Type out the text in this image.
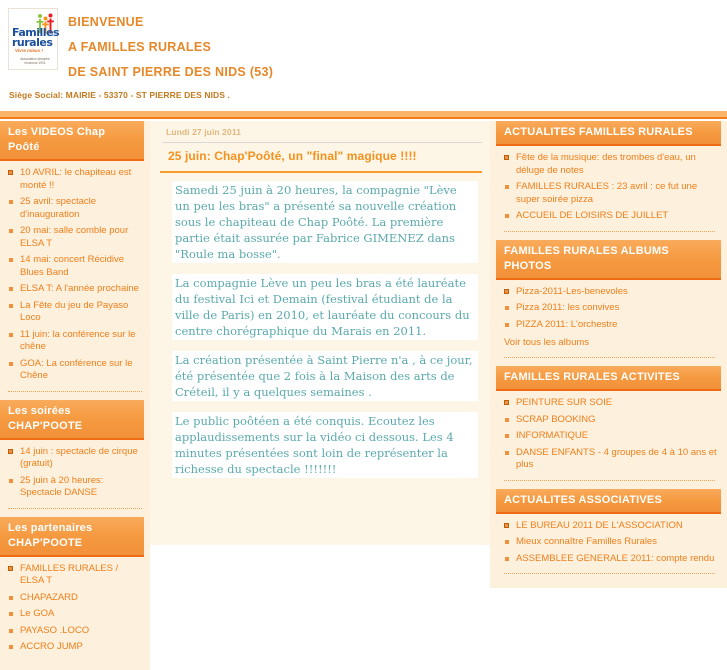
Familles
rurales
Vivre mieux !
Association déclarée reconnue 1901
BIENVENUE
A FAMILLES RURALES
DE SAINT PIERRE DES NIDS (53)
Siège Social: MAIRIE - 53370 - ST PIERRE DES NIDS .
Les VIDEOS Chap Poôté
10 AVRIL: le chapiteau est monté !!
25 avril: spectacle d'inauguration
20 mai: salle comble pour ELSA T
14 mai: concert Récidive Blues Band
ELSA T: A l'année prochaine
La Fête du jeu de Payaso Loco
11 juin: la conférence sur le chêne
GOA: La conférence sur le Chêne
Les soirées CHAP'POOTE
14 juin : spectacle de cirque (gratuit)
25 juin à 20 heures: Spectacle DANSE
Les partenaires CHAP'POOTE
FAMILLES RURALES / ELSA T
CHAPAZARD
Le GOA
PAYASO .LOCO
ACCRO JUMP
Lundi 27 juin 2011
25 juin: Chap'Poôté, un "final" magique !!!!

Samedi 25 juin à 20 heures, la compagnie "Lève un peu les bras" a présenté sa nouvelle création sous le chapiteau de Chap Poôté. La première partie était assurée par Fabrice GIMENEZ dans "Roule ma bosse".

La compagnie Lève un peu les bras a été lauréate du festival Ici et Demain (festival étudiant de la ville de Paris) en 2010, et lauréate du concours du centre chorégraphique du Marais en 2011.

La création présentée à Saint Pierre n'a , à ce jour, été présentée que 2 fois à la Maison des arts de Créteil, il y a quelques semaines .

Le public poôtéen a été conquis. Ecoutez les applaudissements sur la vidéo ci dessous. Les 4 minutes présentées sont loin de représenter la richesse du spectacle !!!!!!!

ACTUALITES FAMILLES RURALES
Fête de la musique: des trombes d'eau, un déluge de notes
FAMILLES RURALES : 23 avril : ce fut une super soirée pizza
ACCUEIL DE LOISIRS DE JUILLET
FAMILLES RURALES ALBUMS PHOTOS
Pizza-2011-Les-benevoles
Pizza 2011: les convives
PIZZA 2011: L'orchestre
Voir tous les albums
FAMILLES RURALES ACTIVITES
PEINTURE SUR SOIE
SCRAP BOOKING
INFORMATIQUE
DANSE ENFANTS - 4 groupes de 4 à 10 ans et plus
ACTUALITES ASSOCIATIVES
LE BUREAU 2011 DE L'ASSOCIATION
Mieux connaître Familles Rurales
ASSEMBLEE GENERALE 2011: compte rendu
